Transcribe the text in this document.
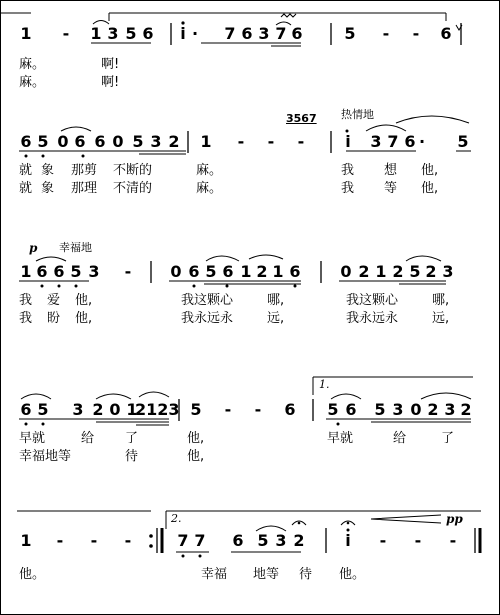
1 - 1 3 5 6 i · 7 6 3 7 6	5 - - 6
麻。	啊!
麻。	啊!
3567 热情地
6 5 0 6 6 0 5 3 2 1 - - -	i 3 7 6 · 5
就 象 那剪 不断的	麻。	我 想 他,
就 象 那理 不清的	麻。	我 等 他,
p 幸福地
1 6 6 5 3 - 0 6 5 6 1 2 1 6 0 2 1 2 5 2 3
我 爱 他,	我这颗心	哪,	我这颗心	哪,
我 盼 他,	我永远永	远,	我永远永	远,
1.
6 5 3 2 0 1
2123 5 - - 6 5 6 5 3 0 2 3 2
早就	给 了	他,	早就	给	了
幸福地等	待	他,
2.	pp
1 - - -	7 7 6 5 3 2	i - - -
他。	幸福 地等 待 他。
